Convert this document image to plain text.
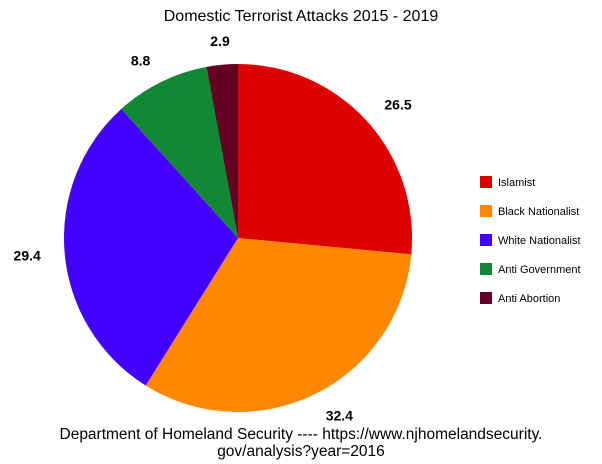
Domestic Terrorist Attacks 2015 - 2019
26.5
32.4
29.4
8.8
2.9
Islamist
Black Nationalist
White Nationalist
Anti Government
Anti Abortion
Department of Homeland Security ---- https://www.njhomelandsecurity.
gov/analysis?year=2016
